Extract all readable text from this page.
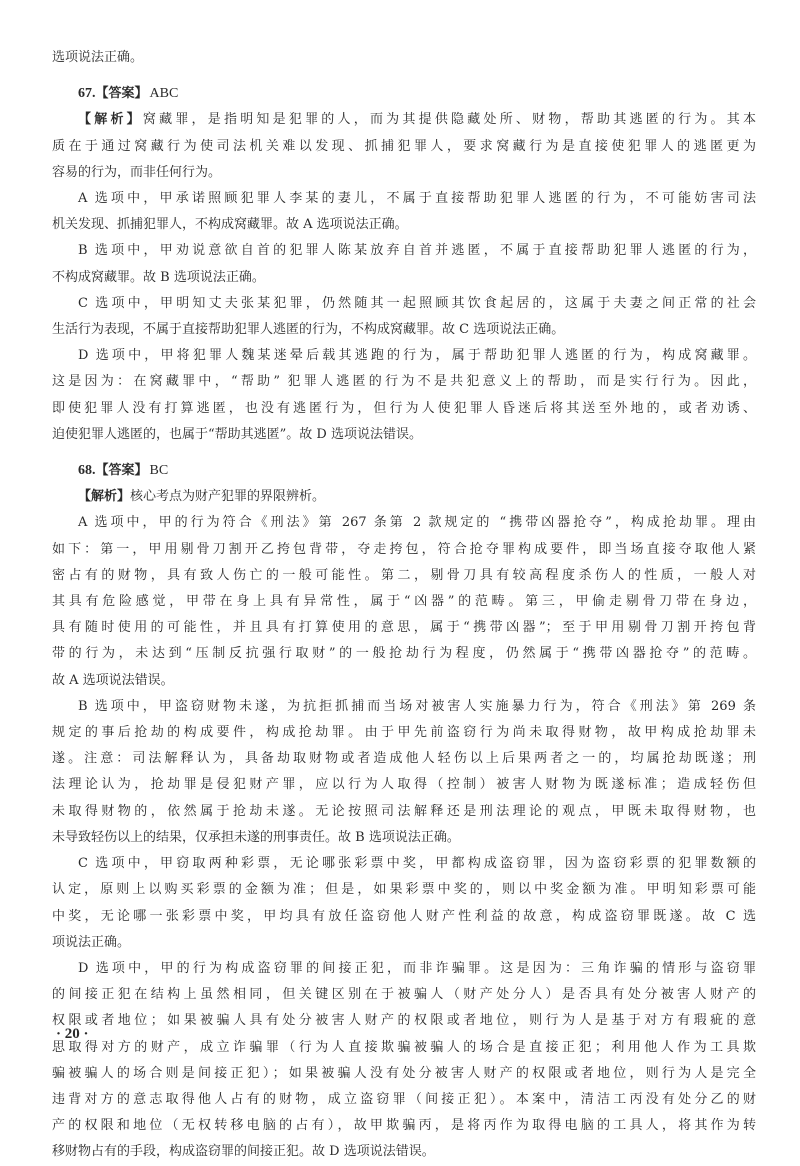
选项说法正确。
67.【答案】 ABC
【解析】窝藏罪，是指明知是犯罪的人，而为其提供隐藏处所、财物，帮助其逃匿的行为。其本
质在于通过窝藏行为使司法机关难以发现、抓捕犯罪人，要求窝藏行为是直接使犯罪人的逃匿更为
容易的行为，而非任何行为。
A 选项中，甲承诺照顾犯罪人李某的妻儿，不属于直接帮助犯罪人逃匿的行为，不可能妨害司法
机关发现、抓捕犯罪人，不构成窝藏罪。故 A 选项说法正确。
B 选项中，甲劝说意欲自首的犯罪人陈某放弃自首并逃匿，不属于直接帮助犯罪人逃匿的行为，
不构成窝藏罪。故 B 选项说法正确。
C 选项中，甲明知丈夫张某犯罪，仍然随其一起照顾其饮食起居的，这属于夫妻之间正常的社会
生活行为表现，不属于直接帮助犯罪人逃匿的行为，不构成窝藏罪。故 C 选项说法正确。
D 选项中，甲将犯罪人魏某迷晕后载其逃跑的行为，属于帮助犯罪人逃匿的行为，构成窝藏罪。
这是因为：在窝藏罪中，“帮助” 犯罪人逃匿的行为不是共犯意义上的帮助，而是实行行为。因此，
即使犯罪人没有打算逃匿，也没有逃匿行为，但行为人使犯罪人昏迷后将其送至外地的，或者劝诱、
迫使犯罪人逃匿的，也属于“帮助其逃匿”。故 D 选项说法错误。
68.【答案】 BC
【解析】核心考点为财产犯罪的界限辨析。
A 选项中，甲的行为符合《刑法》第 267 条第 2 款规定的 “携带凶器抢夺”，构成抢劫罪。理由
如下：第一，甲用剔骨刀割开乙挎包背带，夺走挎包，符合抢夺罪构成要件，即当场直接夺取他人紧
密占有的财物，具有致人伤亡的一般可能性。第二，剔骨刀具有较高程度杀伤人的性质，一般人对
其具有危险感觉，甲带在身上具有异常性，属于“凶器”的范畴。第三，甲偷走剔骨刀带在身边，
具有随时使用的可能性，并且具有打算使用的意思，属于“携带凶器”；至于甲用剔骨刀割开挎包背
带的行为，未达到“压制反抗强行取财”的一般抢劫行为程度，仍然属于“携带凶器抢夺”的范畴。
故 A 选项说法错误。
B 选项中，甲盗窃财物未遂，为抗拒抓捕而当场对被害人实施暴力行为，符合《刑法》第 269 条
规定的事后抢劫的构成要件，构成抢劫罪。由于甲先前盗窃行为尚未取得财物，故甲构成抢劫罪未
遂。注意：司法解释认为，具备劫取财物或者造成他人轻伤以上后果两者之一的，均属抢劫既遂；刑
法理论认为，抢劫罪是侵犯财产罪，应以行为人取得（控制）被害人财物为既遂标准；造成轻伤但
未取得财物的，依然属于抢劫未遂。无论按照司法解释还是刑法理论的观点，甲既未取得财物，也
未导致轻伤以上的结果，仅承担未遂的刑事责任。故 B 选项说法正确。
C 选项中，甲窃取两种彩票，无论哪张彩票中奖，甲都构成盗窃罪，因为盗窃彩票的犯罪数额的
认定，原则上以购买彩票的金额为准；但是，如果彩票中奖的，则以中奖金额为准。甲明知彩票可能
中奖，无论哪一张彩票中奖，甲均具有放任盗窃他人财产性利益的故意，构成盗窃罪既遂。故 C 选
项说法正确。
D 选项中，甲的行为构成盗窃罪的间接正犯，而非诈骗罪。这是因为：三角诈骗的情形与盗窃罪
的间接正犯在结构上虽然相同，但关键区别在于被骗人（财产处分人）是否具有处分被害人财产的
权限或者地位；如果被骗人具有处分被害人财产的权限或者地位，则行为人是基于对方有瑕疵的意
思取得对方的财产，成立诈骗罪（行为人直接欺骗被骗人的场合是直接正犯；利用他人作为工具欺
骗被骗人的场合则是间接正犯）；如果被骗人没有处分被害人财产的权限或者地位，则行为人是完全
违背对方的意志取得他人占有的财物，成立盗窃罪（间接正犯）。本案中，清洁工丙没有处分乙的财
产的权限和地位（无权转移电脑的占有），故甲欺骗丙，是将丙作为取得电脑的工具人，将其作为转
移财物占有的手段，构成盗窃罪的间接正犯。故 D 选项说法错误。
· 20 ·
